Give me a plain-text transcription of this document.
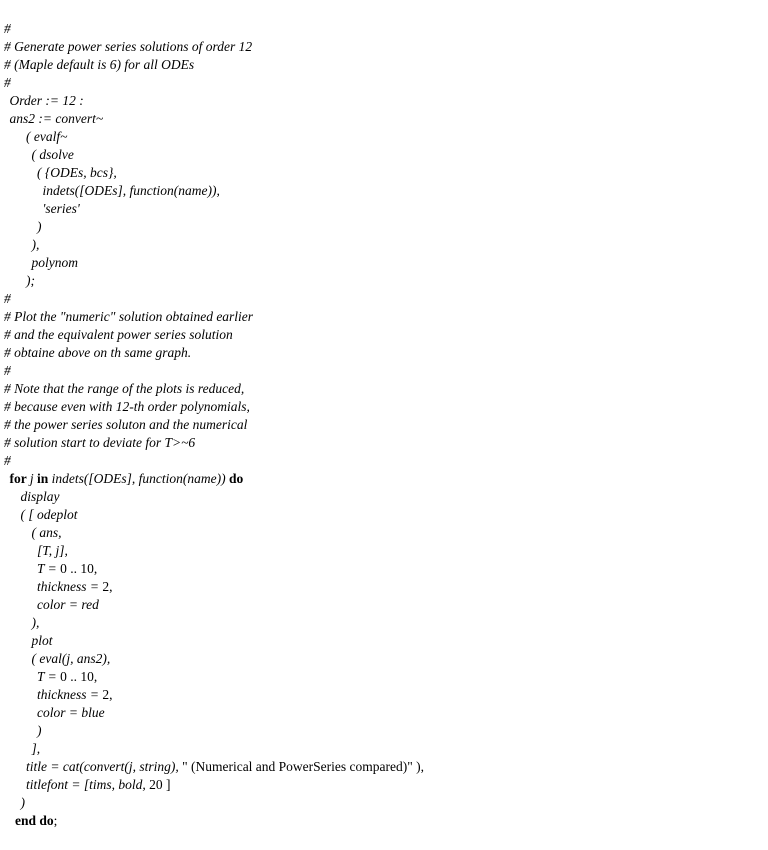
#
# Generate power series solutions of order 12
# (Maple default is 6) for all ODEs
#
Order := 12 :
ans2 := convert~
( evalf~
( dsolve
( {ODEs, bcs},
indets([ODEs], function(name)),
'series'
)
),
polynom
);
#
# Plot the "numeric" solution obtained earlier
# and the equivalent power series solution
# obtaine above on th same graph.
#
# Note that the range of the plots is reduced,
# because even with 12-th order polynomials,
# the power series soluton and the numerical
# solution start to deviate for T>~6
#
for j in indets([ODEs], function(name)) do
display
( [ odeplot
( ans,
[T, j],
T = 0 .. 10,
thickness = 2,
color = red
),
plot
( eval(j, ans2),
T = 0 .. 10,
thickness = 2,
color = blue
)
],
title = cat(convert(j, string), " (Numerical and PowerSeries compared)" ),
titlefont = [tims, bold, 20 ]
)
end do;
